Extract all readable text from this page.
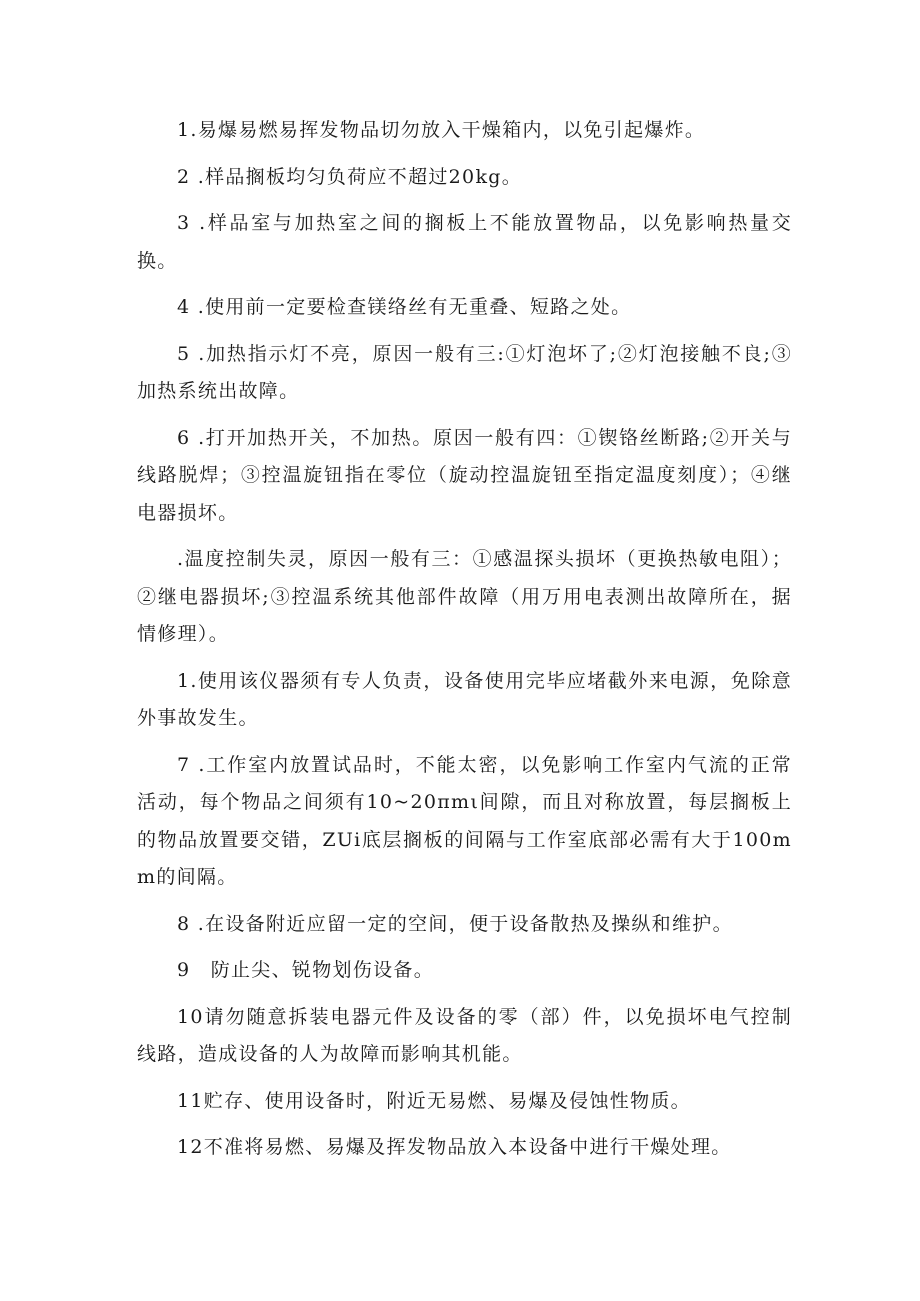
1.易爆易燃易挥发物品切勿放入干燥箱内，以免引起爆炸。

2 .样品搁板均匀负荷应不超过20kg。

3 .样品室与加热室之间的搁板上不能放置物品，以免影响热量交换。

4 .使用前一定要检查镁络丝有无重叠、短路之处。

5 .加热指示灯不亮，原因一般有三:①灯泡坏了;②灯泡接触不良;③加热系统出故障。

6 .打开加热开关，不加热。原因一般有四：①锲铬丝断路;②开关与线路脱焊；③控温旋钮指在零位（旋动控温旋钮至指定温度刻度）；④继电器损坏。

.温度控制失灵，原因一般有三：①感温探头损坏（更换热敏电阻）；②继电器损坏;③控温系统其他部件故障（用万用电表测出故障所在，据情修理）。

1.使用该仪器须有专人负责，设备使用完毕应堵截外来电源，免除意外事故发生。

7 .工作室内放置试品时，不能太密，以免影响工作室内气流的正常活动，每个物品之间须有10~20πmι间隙，而且对称放置，每层搁板上的物品放置要交错，ZUi底层搁板的间隔与工作室底部必需有大于100mm的间隔。

8 .在设备附近应留一定的空间，便于设备散热及操纵和维护。

9　防止尖、锐物划伤设备。

10请勿随意拆装电器元件及设备的零（部）件，以免损坏电气控制线路，造成设备的人为故障而影响其机能。

11贮存、使用设备时，附近无易燃、易爆及侵蚀性物质。

12不准将易燃、易爆及挥发物品放入本设备中进行干燥处理。
